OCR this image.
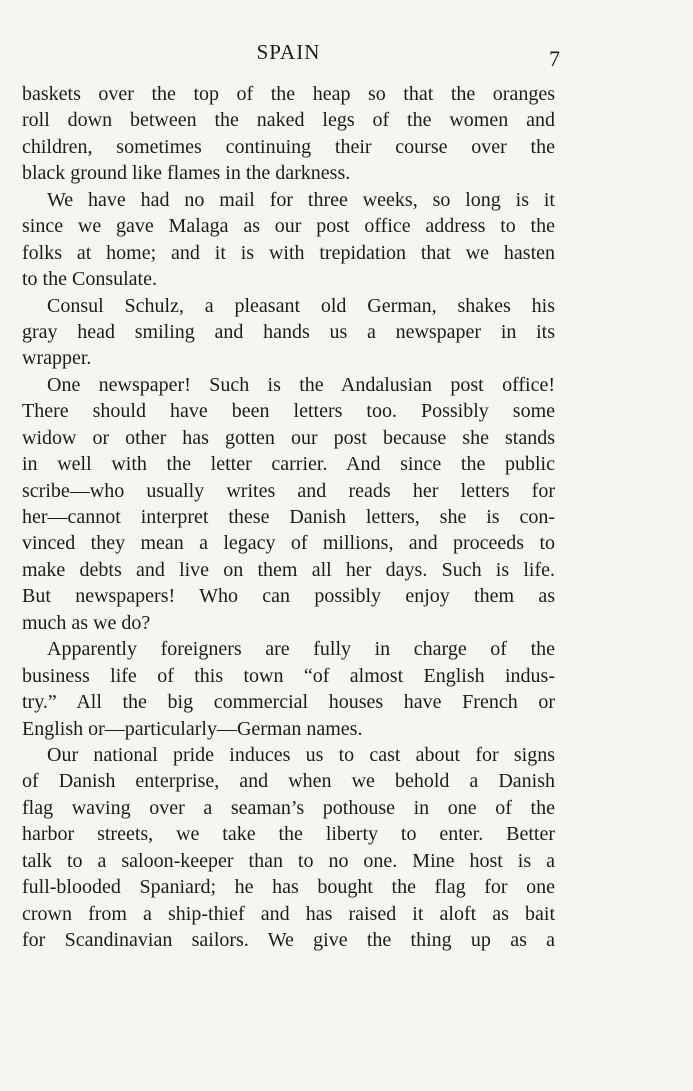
SPAIN	7
baskets over the top of the heap so that the oranges
roll down between the naked legs of the women and
children, sometimes continuing their course over the
black ground like flames in the darkness.
We have had no mail for three weeks, so long is it
since we gave Malaga as our post office address to the
folks at home; and it is with trepidation that we hasten
to the Consulate.
Consul Schulz, a pleasant old German, shakes his
gray head smiling and hands us a newspaper in its
wrapper.
One newspaper! Such is the Andalusian post office!
There should have been letters too. Possibly some
widow or other has gotten our post because she stands
in well with the letter carrier. And since the public
scribe—who usually writes and reads her letters for
her—cannot interpret these Danish letters, she is con-
vinced they mean a legacy of millions, and proceeds to
make debts and live on them all her days. Such is life.
But newspapers! Who can possibly enjoy them as
much as we do?
Apparently foreigners are fully in charge of the
business life of this town “of almost English indus-
try.” All the big commercial houses have French or
English or—particularly—German names.
Our national pride induces us to cast about for signs
of Danish enterprise, and when we behold a Danish
flag waving over a seaman’s pothouse in one of the
harbor streets, we take the liberty to enter. Better
talk to a saloon-keeper than to no one. Mine host is a
full-blooded Spaniard; he has bought the flag for one
crown from a ship-thief and has raised it aloft as bait
for Scandinavian sailors. We give the thing up as a
